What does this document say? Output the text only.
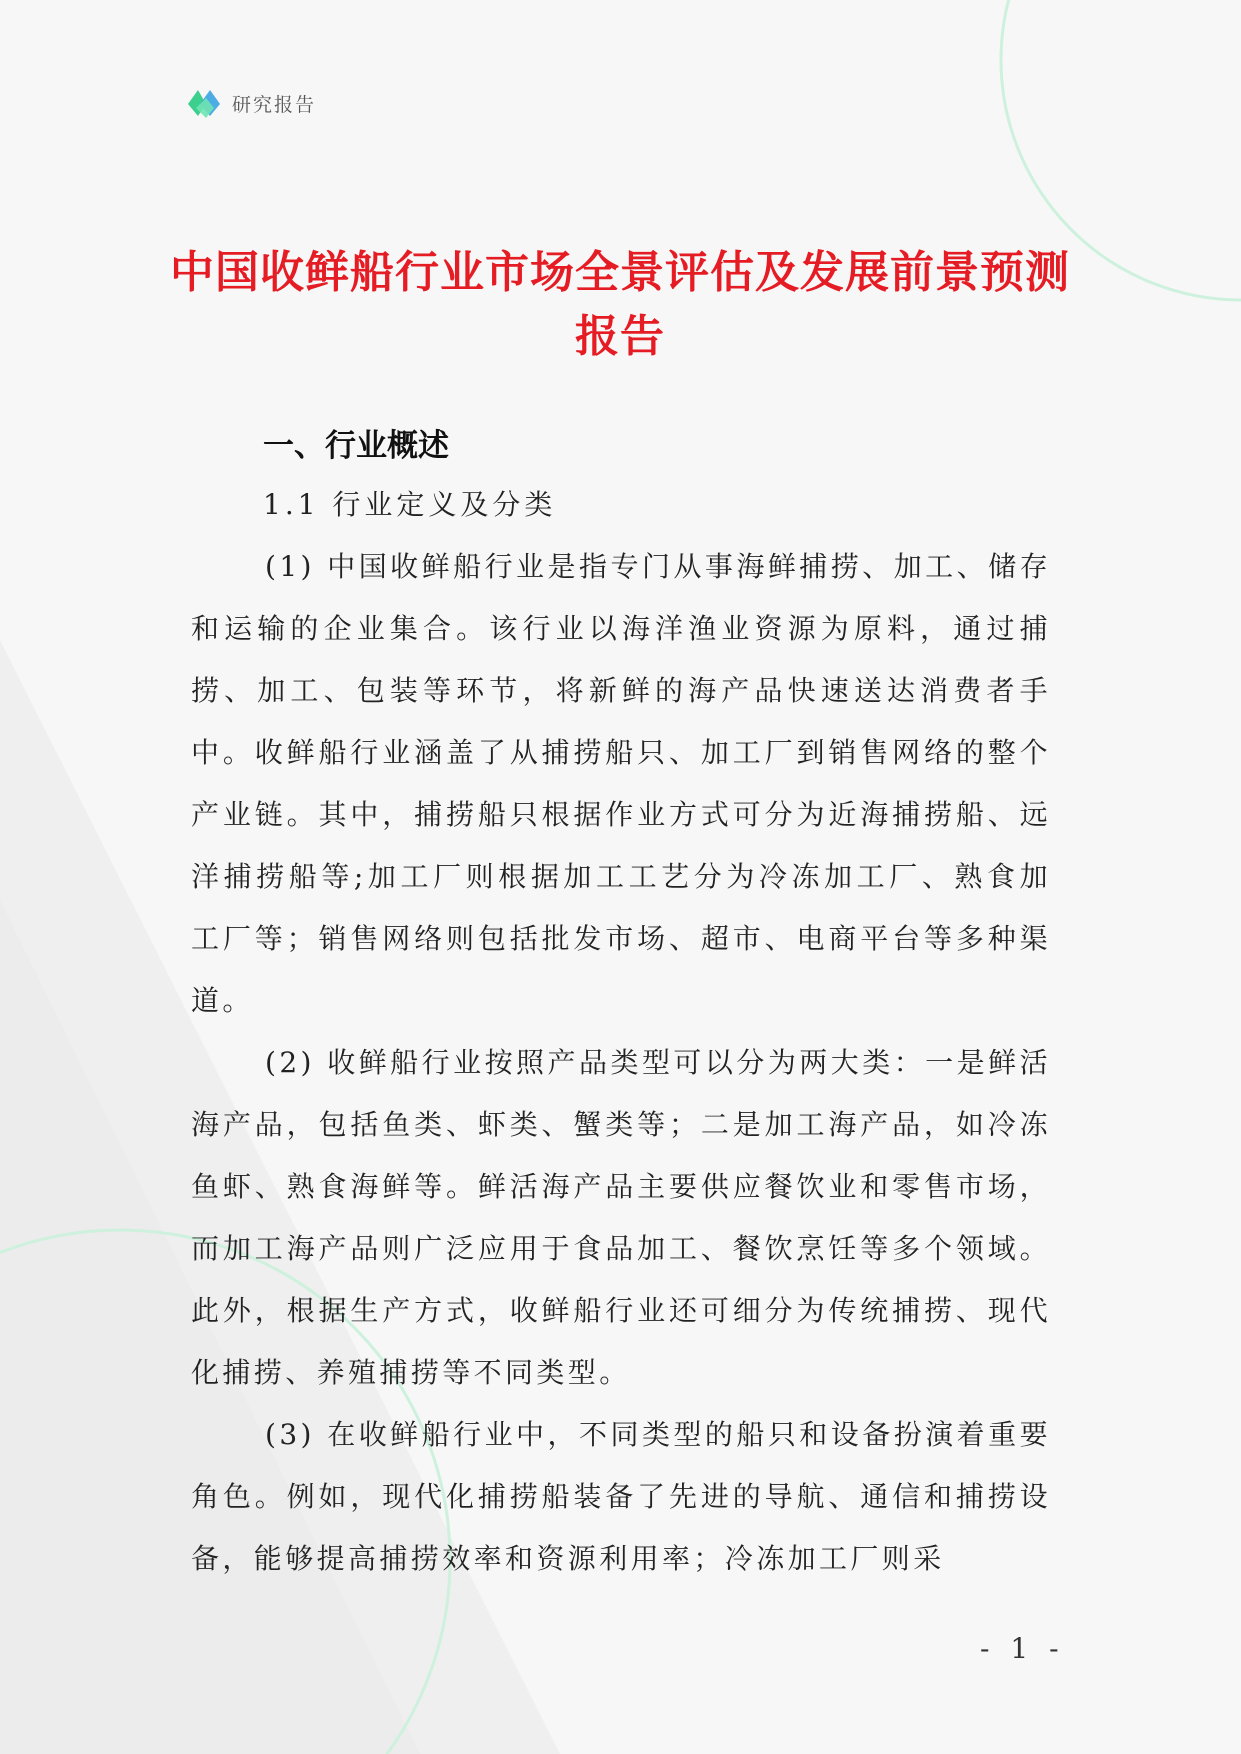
研究报告
中国收鲜船行业市场全景评估及发展前景预测报告
一、行业概述
1.1 行业定义及分类

(1) 中国收鲜船行业是指专门从事海鲜捕捞、加工、储存和运输的企业集合。该行业以海洋渔业资源为原料，通过捕捞、加工、包装等环节，将新鲜的海产品快速送达消费者手中。收鲜船行业涵盖了从捕捞船只、加工厂到销售网络的整个产业链。其中，捕捞船只根据作业方式可分为近海捕捞船、远洋捕捞船等;加工厂则根据加工工艺分为冷冻加工厂、熟食加工厂等；销售网络则包括批发市场、超市、电商平台等多种渠道。

(2) 收鲜船行业按照产品类型可以分为两大类：一是鲜活海产品，包括鱼类、虾类、蟹类等；二是加工海产品，如冷冻鱼虾、熟食海鲜等。鲜活海产品主要供应餐饮业和零售市场，而加工海产品则广泛应用于食品加工、餐饮烹饪等多个领域。此外，根据生产方式，收鲜船行业还可细分为传统捕捞、现代化捕捞、养殖捕捞等不同类型。

(3) 在收鲜船行业中，不同类型的船只和设备扮演着重要角色。例如，现代化捕捞船装备了先进的导航、通信和捕捞设备，能够提高捕捞效率和资源利用率；冷冻加工厂则采

- 1 -
